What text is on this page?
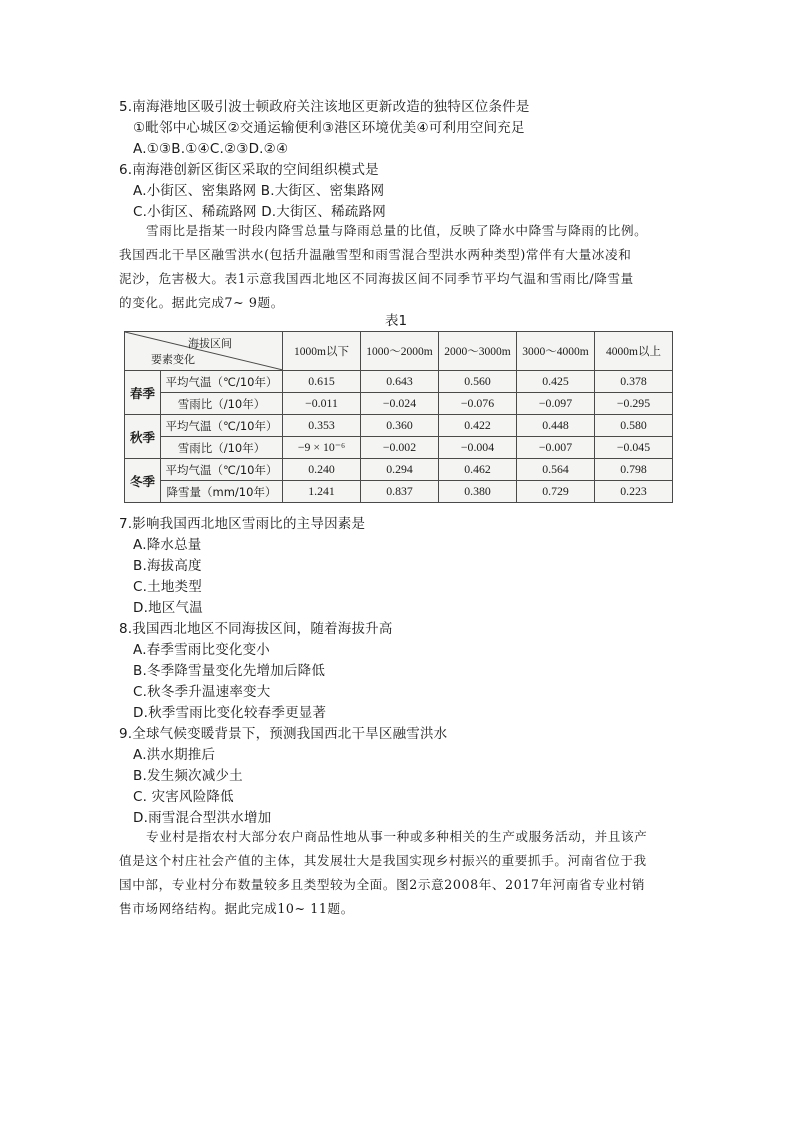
5.南海港地区吸引波士顿政府关注该地区更新改造的独特区位条件是
①毗邻中心城区②交通运输便利③港区环境优美④可利用空间充足
A.①③B.①④C.②③D.②④
6.南海港创新区街区采取的空间组织模式是
A.小街区、密集路网 B.大街区、密集路网
C.小街区、稀疏路网 D.大街区、稀疏路网
雪雨比是指某一时段内降雪总量与降雨总量的比值，反映了降水中降雪与降雨的比例。
我国西北干旱区融雪洪水(包括升温融雪型和雨雪混合型洪水两种类型)常伴有大量冰凌和
泥沙，危害极大。表1示意我国西北地区不同海拔区间不同季节平均气温和雪雨比/降雪量
的变化。据此完成7~ 9题。
表1
海拔区间
要素变化		1000m以下	1000～2000m	2000～3000m	3000～4000m	4000m以上
春季	平均气温（℃/10年）	0.615	0.643	0.560	0.425	0.378
	雪雨比（/10年）	−0.011	−0.024	−0.076	−0.097	−0.295
秋季	平均气温（℃/10年）	0.353	0.360	0.422	0.448	0.580
	雪雨比（/10年）	−9 × 10⁻⁶	−0.002	−0.004	−0.007	−0.045
冬季	平均气温（℃/10年）	0.240	0.294	0.462	0.564	0.798
	降雪量（mm/10年）	1.241	0.837	0.380	0.729	0.223
7.影响我国西北地区雪雨比的主导因素是
A.降水总量
B.海拔高度
C.土地类型
D.地区气温
8.我国西北地区不同海拔区间，随着海拔升高
A.春季雪雨比变化变小
B.冬季降雪量变化先增加后降低
C.秋冬季升温速率变大
D.秋季雪雨比变化较春季更显著
9.全球气候变暖背景下，预测我国西北干旱区融雪洪水
A.洪水期推后
B.发生频次减少土
C. 灾害风险降低
D.雨雪混合型洪水增加
专业村是指农村大部分农户商品性地从事一种或多种相关的生产或服务活动，并且该产
值是这个村庄社会产值的主体，其发展壮大是我国实现乡村振兴的重要抓手。河南省位于我
国中部，专业村分布数量较多且类型较为全面。图2示意2008年、2017年河南省专业村销
售市场网络结构。据此完成10~ 11题。
